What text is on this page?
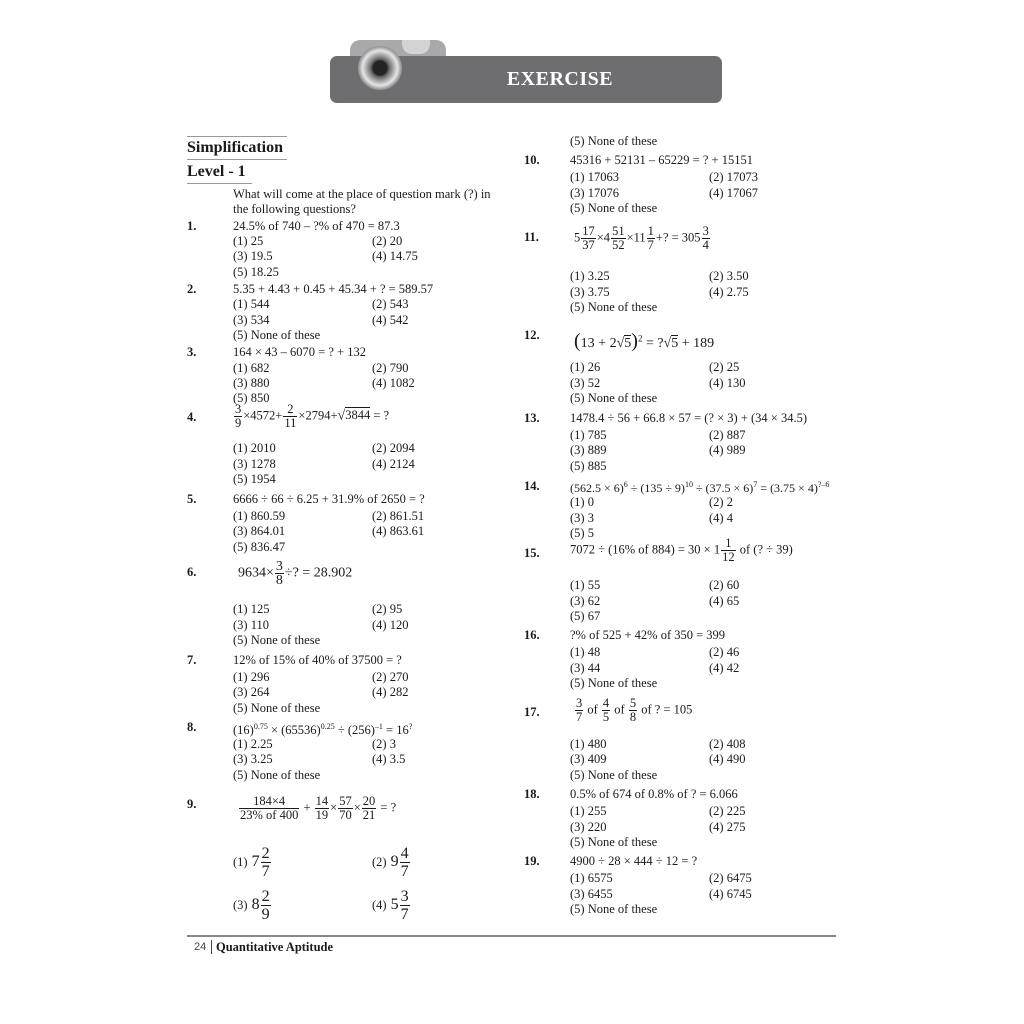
EXERCISE
Simplification
Level - 1
What will come at the place of question mark (?) in
the following questions?
1.	24.5% of 740 – ?% of 470 = 87.3
(1) 25	(2) 20
(3) 19.5	(4) 14.75
(5) 18.25
2.	5.35 + 4.43 + 0.45 + 45.34 + ? = 589.57
(1) 544	(2) 543
(3) 534	(4) 542
(5) None of these
3.	164 × 43 – 6070 = ? + 132
(1) 682	(2) 790
(3) 880	(4) 1082
(5) 850
4.	$\frac{3}{9} \times 4572+ \frac{2}{11} \times 2794+√3844$ = ?
(1) 2010	(2) 2094
(3) 1278	(4) 2124
(5) 1954
5.	6666 ÷ 66 ÷ 6.25 + 31.9% of 2650 = ?
(1) 860.59	(2) 861.51
(3) 864.01	(4) 863.61
(5) 836.47
6.	$9634\times \frac{3}{8}$ ÷? = 28.902
(1) 125	(2) 95
(3) 110	(4) 120
(5) None of these
7.	12% of 15% of 40% of 37500 = ?
(1) 296	(2) 270
(3) 264	(4) 282
(5) None of these
8.	$(16)^{0.75} \times (65536)^{0.25} \div (256)^{-1} = 16^?$
(1) 2.25	(2) 3
(3) 3.25	(4) 3.5
(5) None of these
9.	$\frac{184\times 4}{23\% of 400} + \frac{14}{19} \times \frac{57}{70} \times \frac{20}{21}$ = ?
(1) $7 \frac{2}{7}$	(2) $9 \frac{4}{7}$
(3) $8 \frac{2}{9}$	(4) $5 \frac{3}{7}$
(5) None of these
10. 45316 + 52131 – 65229 = ? + 15151
(1) 17063	(2) 17073
(3) 17076	(4) 17067
(5) None of these
11.	$5 \frac{17}{37} \times 4 \frac{51}{52} \times 11 \frac{1}{7}$ +? = $305 \frac{3}{4}$
(1) 3.25	(2) 3.50
(3) 3.75	(4) 2.75
(5) None of these
12. $(13 + 2√5)^2$ = ?√5 + 189
(1) 26	(2) 25
(3) 52	(4) 130
(5) None of these
13. 1478.4 ÷ 56 + 66.8 × 57 = (? × 3) + (34 × 34.5)
(1) 785	(2) 887
(3) 889	(4) 989
(5) 885
14.	$(562.5 \times 6)^6 \div (135 \div 9)^{10} \div (37.5 \times 6)^7 = (3.75 \times 4)^{?-6}$
(1) 0	(2) 2
(3) 3	(4) 4
(5) 5
15. 7072 ÷ (16% of $884) = 30 \times 1 \frac{1}{12}$ of (? ÷ 39)
(1) 55	(2) 60
(3) 62	(4) 65
(5) 67
16. ?% of 525 + 42% of 350 = 399
(1) 48	(2) 46
(3) 44	(4) 42
(5) None of these
17.	$\frac{3}{7}$ of $\frac{4}{5}$ of $\frac{5}{8}$ of ? = 105
(1) 480	(2) 408
(3) 409	(4) 490
(5) None of these
18. 0.5% of 674 of 0.8% of ? = 6.066
(1) 255	(2) 225
(3) 220	(4) 275
(5) None of these
19. 4900 ÷ 28 × 444 ÷ 12 = ?
(1) 6575	(2) 6475
(3) 6455	(4) 6745
(5) None of these
24 Quantitative Aptitude
